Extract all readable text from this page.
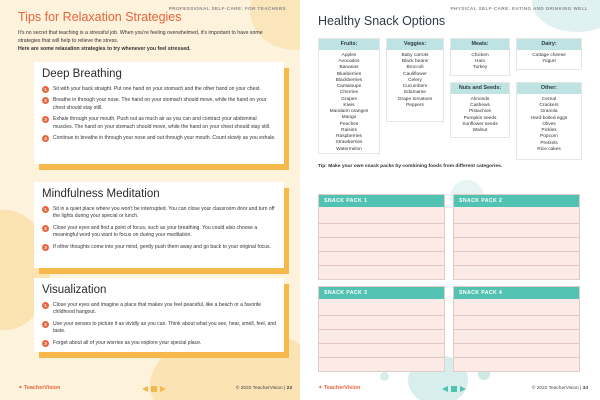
PROFESSIONAL SELF-CARE: FOR TEACHERS
Tips for Relaxation Strategies
It's no secret that teaching is a stressful job. When you're feeling overwhelmed, it's important to have some strategies that will help to relieve the stress.
Here are some relaxation strategies to try whenever you feel stressed.
Deep Breathing
1	Sit with your back straight. Put one hand on your stomach and the other hand on your chest.
2	Breathe in through your nose. The hand on your stomach should move, while the hand on your chest should stay still.
3	Exhale through your mouth. Push out as much air as you can and contract your abdominal muscles. The hand on your stomach should move, while the hand on your chest should stay still.
4	Continue to breathe in through your nose and out through your mouth. Count slowly as you exhale.
Mindfulness Meditation
1	Sit in a quiet place where you won't be interrupted. You can close your classroom door and turn off the lights during your special or lunch.
2	Close your eyes and find a point of focus, such as your breathing. You could also choose a meaningful word you want to focus on during your meditation.
3	If other thoughts come into your mind, gently push them away and go back to your original focus.
Visualization
1	Close your eyes and imagine a place that makes you feel peaceful, like a beach or a favorite childhood hangout.
2	Use your senses to picture it as vividly as you can. Think about what you see, hear, smell, feel, and taste.
3	Forget about all of your worries as you explore your special place.
✦ TeacherVision	© 2022 TeacherVision | 23
PHYSICAL SELF-CARE: EATING AND DRINKING WELL
Healthy Snack Options
Fruits:
Apples
Avocados
Bananas
Blueberries
Blackberries
Cantaloupe
Cherries
Grapes
Kiwis
Mandarin oranges
Mango
Peaches
Raisins
Raspberries
Strawberries
Watermelon
Veggies:
Baby carrots
Black beans
Broccoli
Cauliflower
Celery
Cucumbers
Edamame
Grape tomatoes
Peppers
Meats:
Chicken
Ham
Turkey
Dairy:
Cottage cheese
Yogurt
Nuts and Seeds:
Almonds
Cashews
Pistachios
Pumpkin seeds
Sunflower seeds
Walnut
Other:
Cereal
Crackers
Granola
Hard-boiled eggs
Olives
Pickles
Popcorn
Pretzels
Rice cakes
Tip: Make your own snack packs by combining foods from different categories.
SNACK PACK 1	SNACK PACK 2
SNACK PACK 3	SNACK PACK 4
✦ TeacherVision	© 2022 TeacherVision | 34
